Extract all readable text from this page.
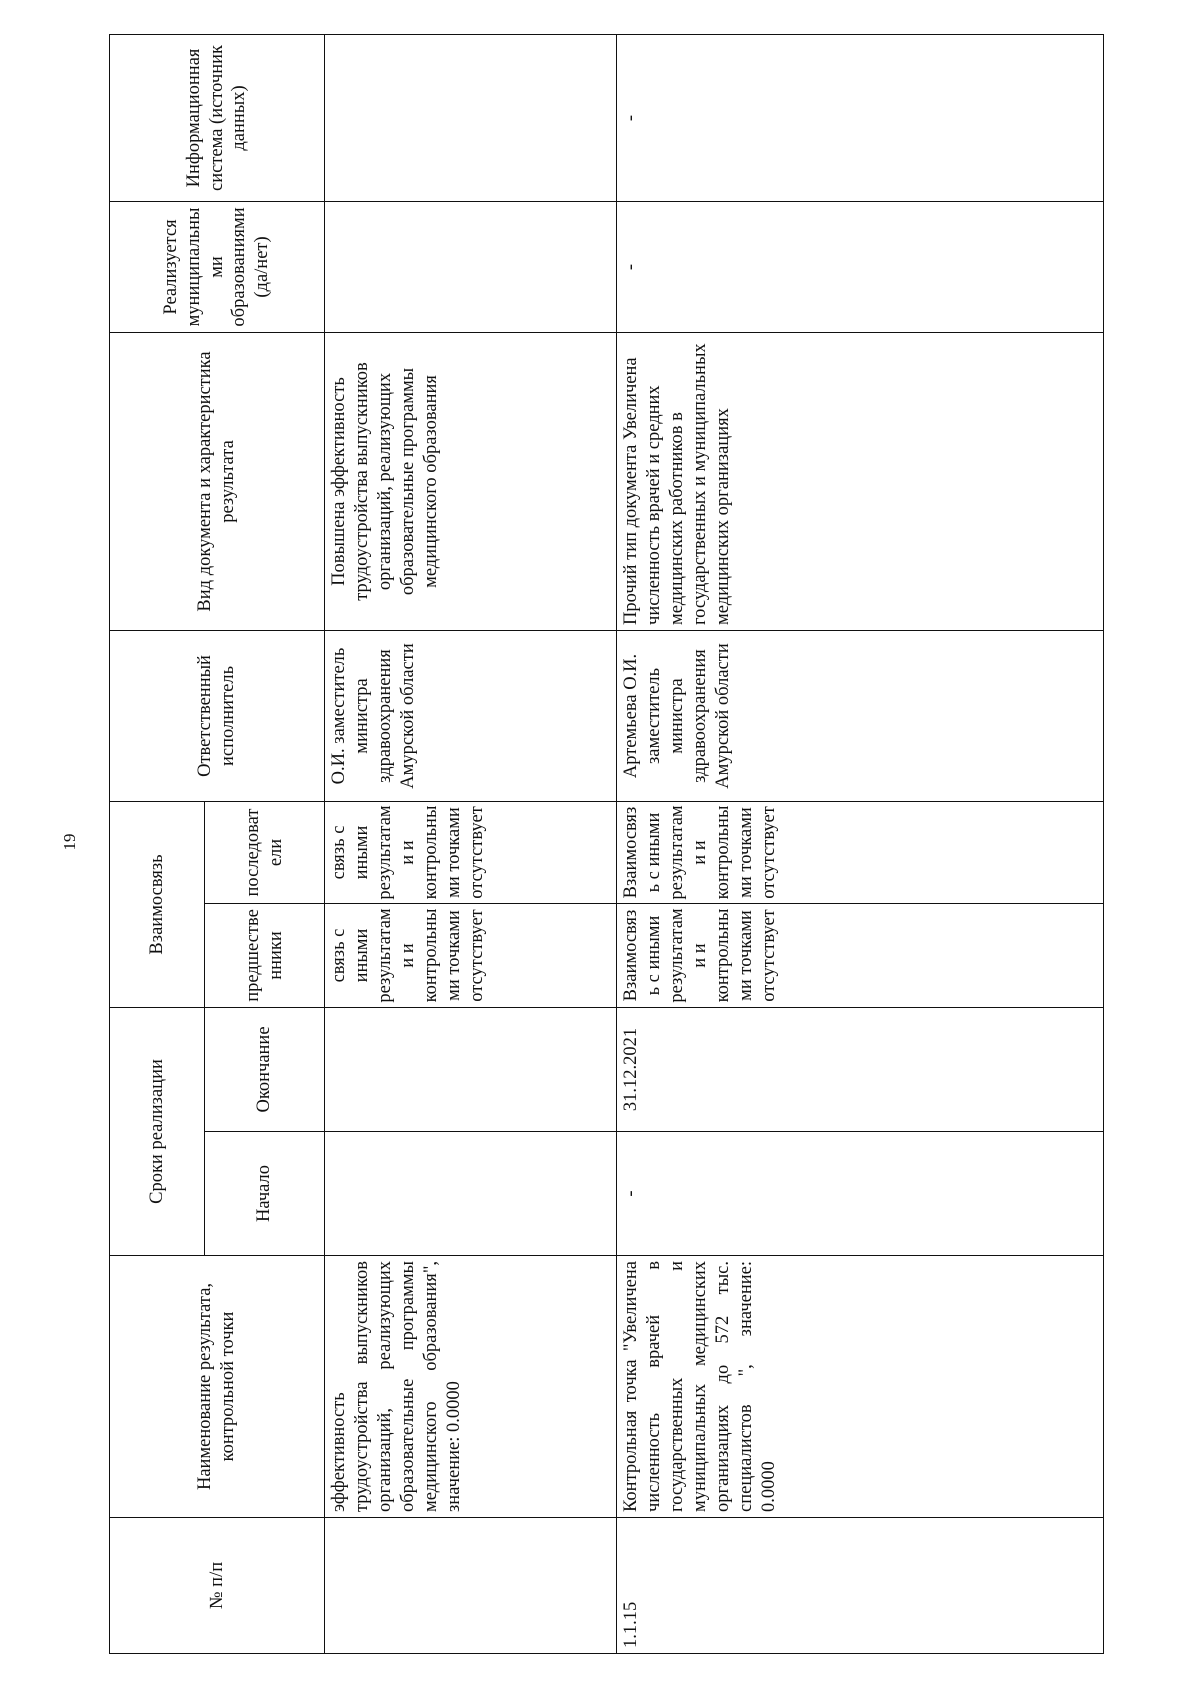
19
№ п/п	Наименование результата, контрольной точки	Сроки реализации		Взаимосвязь		Ответственный исполнитель	Вид документа и характеристика результата	Реализуется муниципальными образованиями (да/нет)	Информационная система (источник данных)
		Начало	Окончание	предшественники	последователи				
	эффективность трудоустройства выпускников организаций, реализующих образовательные программы медицинского образования", значение: 0.0000			связь с иными результатами и контрольными точками отсутствует	связь с иными результатами и контрольными точками отсутствует	О.И. заместитель министра здравоохранения Амурской области	Повышена эффективность трудоустройства выпускников организаций, реализующих образовательные программы медицинского образования		
1.1.15	Контрольная точка "Увеличена численность врачей в государственных и муниципальных медицинских организациях до 572 тыс. специалистов ", значение: 0.0000	-	31.12.2021	Взаимосвязь с иными результатами и контрольными точками отсутствует	Взаимосвязь с иными результатами и контрольными точками отсутствует	Артемьева О.И. заместитель министра здравоохранения Амурской области	Прочий тип документа Увеличена численность врачей и средних медицинских работников в государственных и муниципальных медицинских организациях	-	-
